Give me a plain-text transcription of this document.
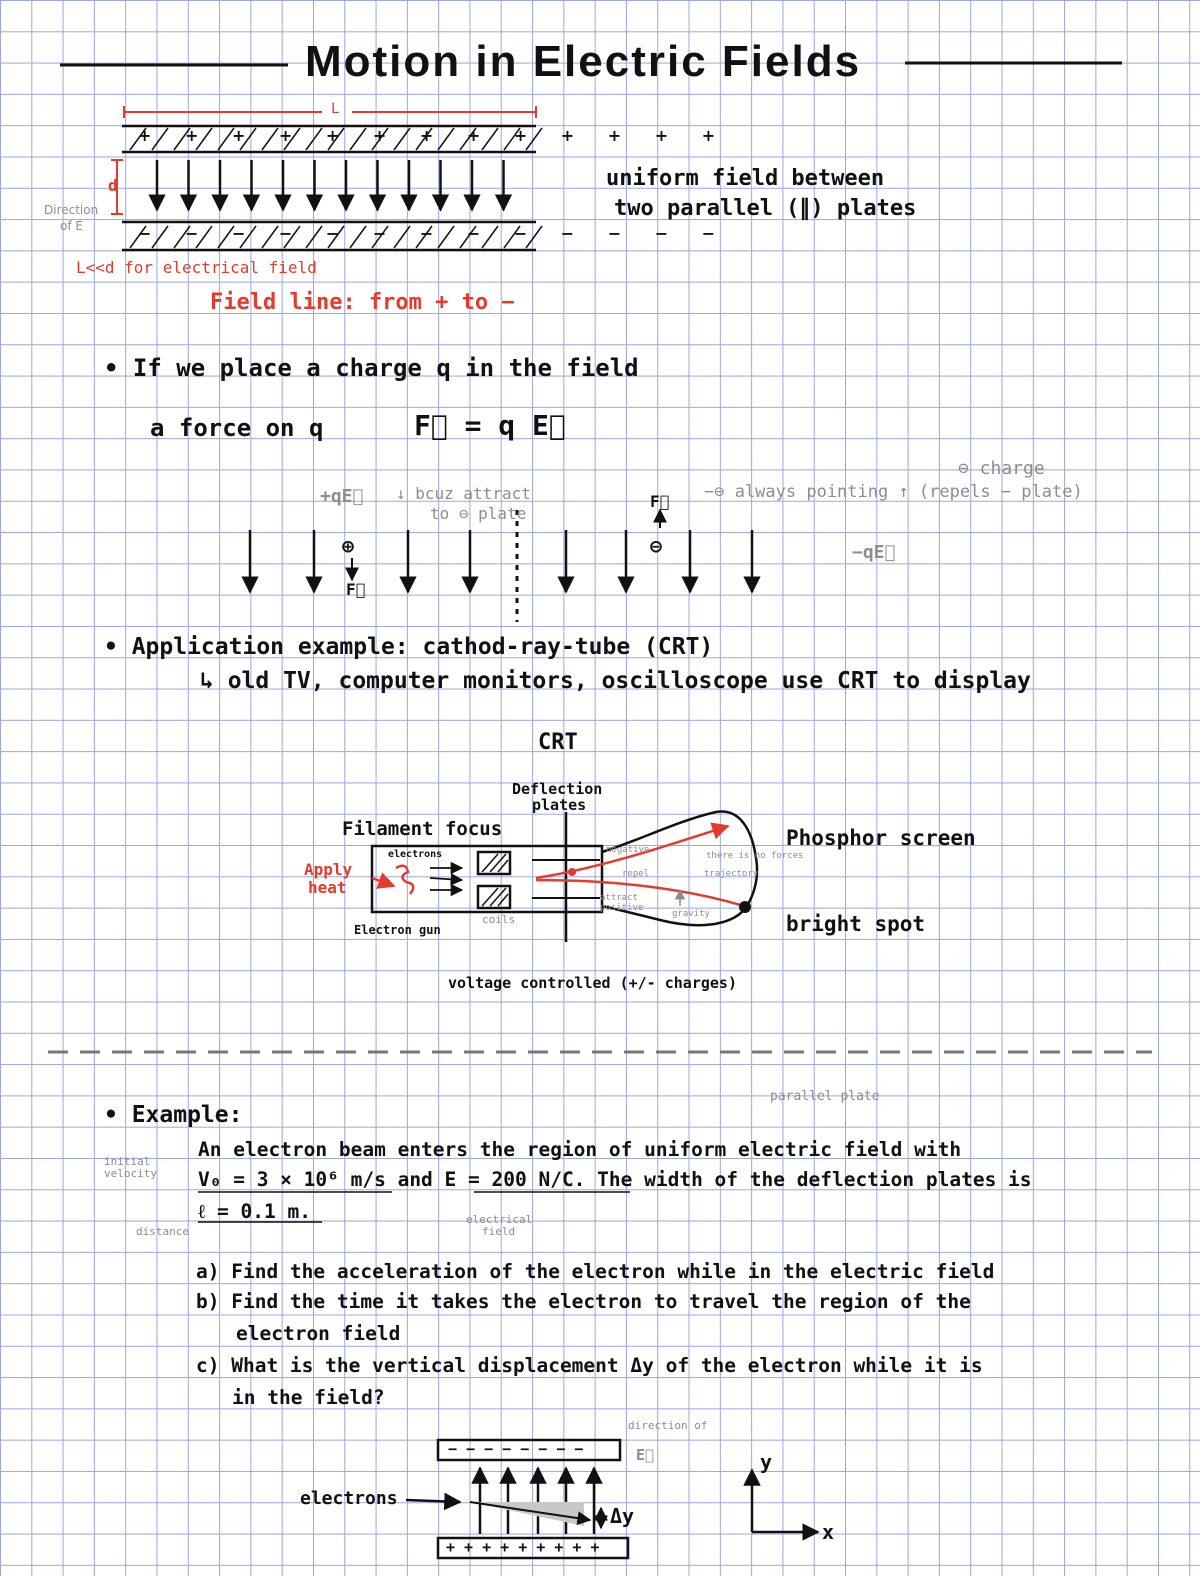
Motion in Electric Fields
L
d
Direction
of E
+ + + + + + + + + + + + +
− − − − − − − − − − − − −
L<<d for electrical field
Field line: from + to −
uniform field between
two parallel (∥) plates
• If we place a charge q in the field
a force on q	F⃗ = q E⃗
+qE⃗ ↓ bcuz attract
to ⊖ plate
⊕
F⃗
F⃗
⊖
⊖ charge
−⊖ always pointing ↑ (repels − plate)
−qE⃗
• Application example: cathod-ray-tube (CRT)
↳ old TV, computer monitors, oscilloscope use CRT to display
CRT
Deflection
plates
Filament focus
electrons
Apply
heat
coils
Electron gun
negative
repel
attract
positive
there is no forces
trajectory
gravity
Phosphor screen
bright spot
voltage controlled (+/- charges)
• Example:
parallel plate
An electron beam enters the region of uniform electric field with
initial
velocity V₀ = 3 × 10⁶ m/s and E = 200 N/C. The width of the deflection plates is
ℓ = 0.1 m.
distance
electrical
field
a) Find the acceleration of the electron while in the electric field
b) Find the time it takes the electron to travel the region of the
electron field
c) What is the vertical displacement Δy of the electron while it is
in the field?
− − − − − − − −
+ + + + + + + + +
direction of
E⃗
electrons
Δy
y
x
